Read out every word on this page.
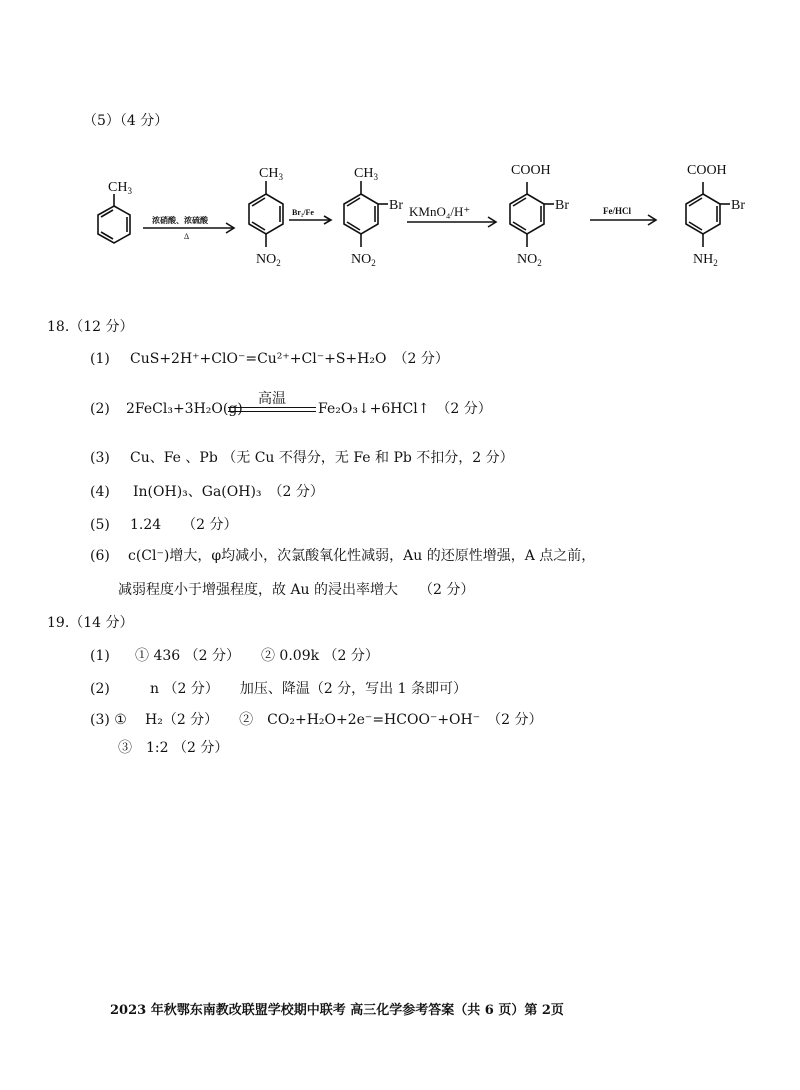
（5）（4 分）
$CH_3$
$CH_3$
$NO_2$
$CH_3$
Br
$NO_2$
COOH
Br
$NO_2$
COOH
Br
$NH_2$
浓硝酸、浓硫酸
Δ
Br₂/Fe	KMnO₄/H⁺	Fe/HCl
18.（12 分）
(1) CuS+2H⁺+ClO⁻=Cu²⁺+Cl⁻+S+H₂O　（2 分）
(2) 2FeCl₃+3H₂O(g)
高温
Fe₂O₃↓+6HCl↑　（2 分）
(3) Cu、Fe 、Pb （无 Cu 不得分，无 Fe 和 Pb 不扣分，2 分）
(4) In(OH)₃、Ga(OH)₃　（2 分）
(5) 1.24　　（2 分）
(6) c(Cl⁻)增大，φ均减小，次氯酸氧化性减弱，Au 的还原性增强，A 点之前，
减弱程度小于增强程度，故 Au 的浸出率增大　　（2 分）
19.（14 分）
(1) ① 436 （2 分）　　② 0.09k （2 分）
(2)	n （2 分）　　加压、降温（2 分，写出 1 条即可）
(3) ① H₂（2 分）　　②　CO₂+H₂O+2e⁻=HCOO⁻+OH⁻　（2 分）
③　1:2 （2 分）
2023 年秋鄂东南教改联盟学校期中联考 高三化学参考答案（共 6 页）第 2页
